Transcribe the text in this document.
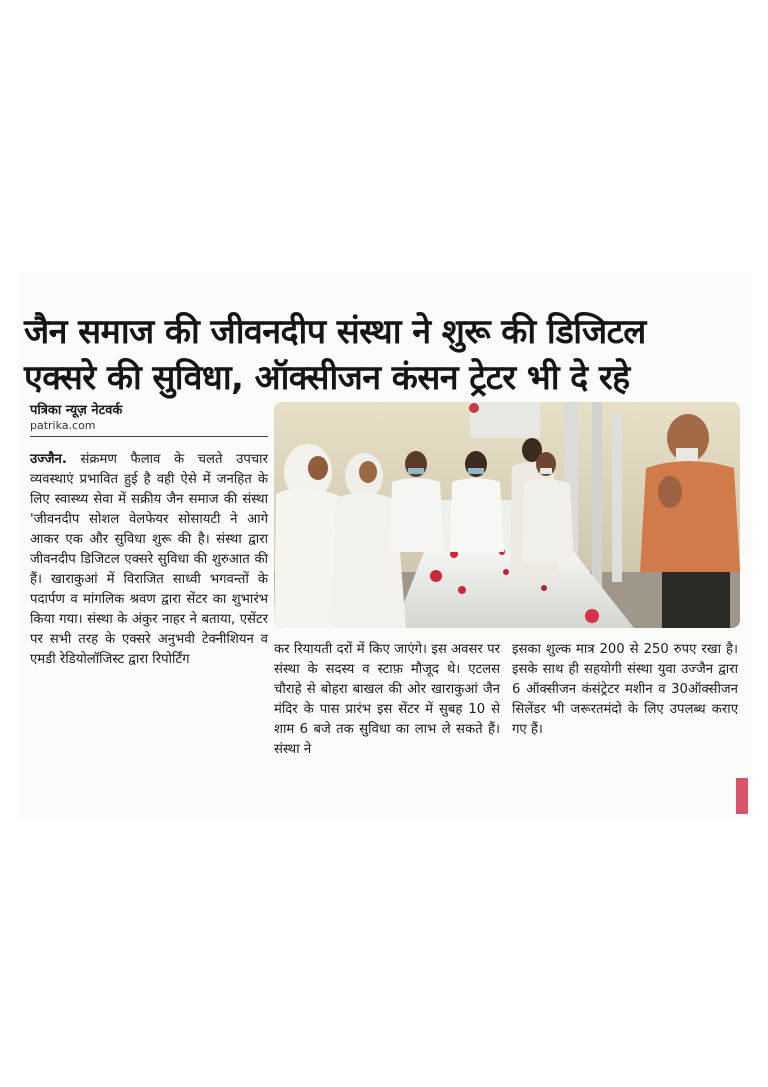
जैन समाज की जीवनदीप संस्था ने शुरू की डिजिटल
एक्सरे की सुविधा, ऑक्सीजन कंसन ट्रेटर भी दे रहे
पत्रिका न्यूज़ नेटवर्क
patrika.com
उज्जैन. संक्रमण फैलाव के चलते उपचार व्यवस्थाएं प्रभावित हुई है वही ऐसे में जनहित के लिए स्वास्थ्य सेवा में सक्रीय जैन समाज की संस्था 'जीवनदीप सोशल वेलफेयर सोसायटी ने आगे आकर एक और सुविधा शुरू की है। संस्था द्वारा जीवनदीप डिजिटल एक्सरे सुविधा की शुरुआत की हैं। खाराकुआं में विराजित साध्वी भगवन्तों के पदार्पण व मांगलिक श्रवण द्वारा सेंटर का शुभारंभ किया गया। संस्था के अंकुर नाहर ने बताया, एसेंटर पर सभी तरह के एक्सरे अनुभवी टेक्नीशियन व एमडी रेडियोलॉजिस्ट द्वारा रिपोर्टिंग
कर रियायती दरों में किए जाएंगे। इस अवसर पर संस्था के सदस्य व स्टाफ़ मौजूद थे। एटलस चौराहे से बोहरा बाखल की ओर खाराकुआं जैन मंदिर के पास प्रारंभ इस सेंटर में सुबह 10 से शाम 6 बजे तक सुविधा का लाभ ले सकते हैं। संस्था ने
इसका शुल्क मात्र 200 से 250 रुपए रखा है। इसके साथ ही सहयोगी संस्था युवा उज्जैन द्वारा 6 ऑक्सीजन कंसंट्रेटर मशीन व 30ऑक्सीजन सिलेंडर भी जरूरतमंदो के लिए उपलब्ध कराए गए हैं।
